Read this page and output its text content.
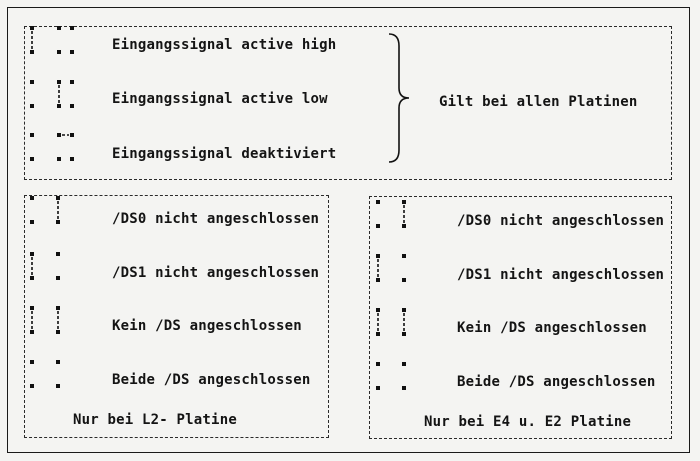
Eingangssignal active high
Eingangssignal active low
Eingangssignal deaktiviert
Gilt bei allen Platinen
/DS0 nicht angeschlossen
/DS1 nicht angeschlossen
Kein /DS angeschlossen
Beide /DS angeschlossen
Nur bei L2- Platine
/DS0 nicht angeschlossen
/DS1 nicht angeschlossen
Kein /DS angeschlossen
Beide /DS angeschlossen
Nur bei E4 u. E2 Platine
